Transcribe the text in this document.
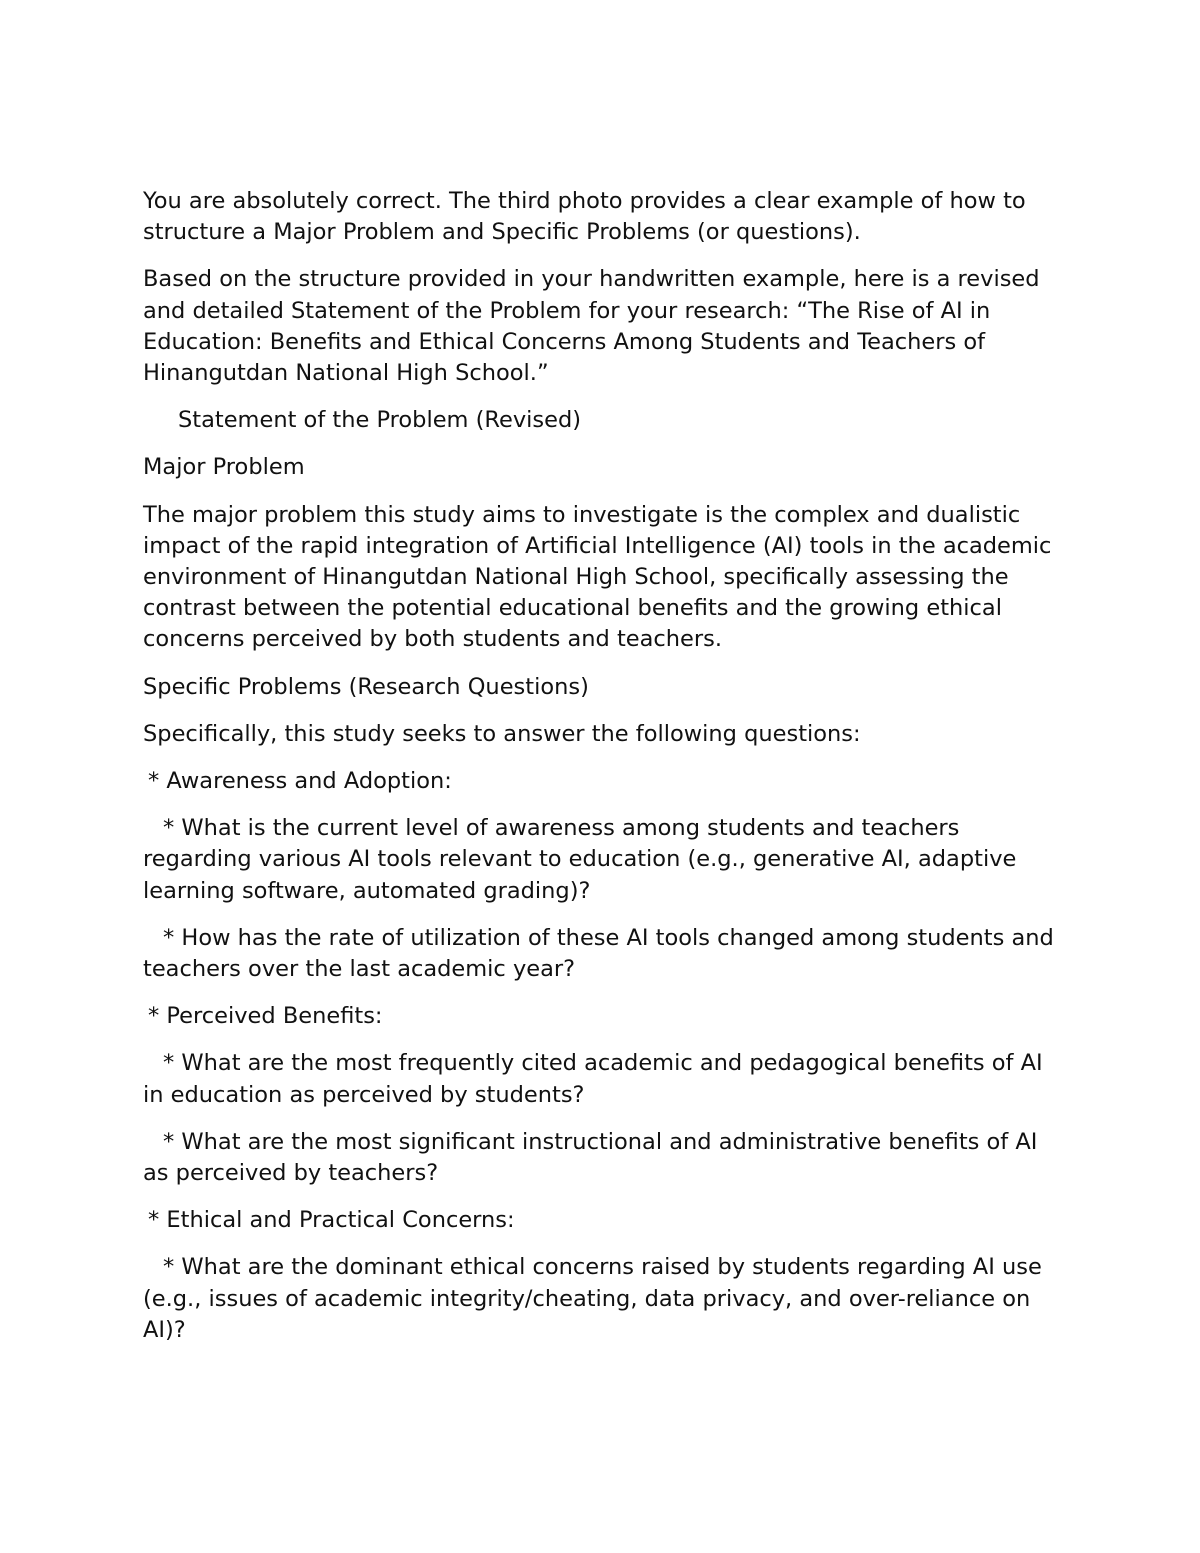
You are absolutely correct. The third photo provides a clear example of how to structure a Major Problem and Specific Problems (or questions).

Based on the structure provided in your handwritten example, here is a revised and detailed Statement of the Problem for your research: “The Rise of AI in Education: Benefits and Ethical Concerns Among Students and Teachers of Hinangutdan National High School.”

Statement of the Problem (Revised)

Major Problem

The major problem this study aims to investigate is the complex and dualistic impact of the rapid integration of Artificial Intelligence (AI) tools in the academic environment of Hinangutdan National High School, specifically assessing the contrast between the potential educational benefits and the growing ethical concerns perceived by both students and teachers.

Specific Problems (Research Questions)

Specifically, this study seeks to answer the following questions:

* Awareness and Adoption:

* What is the current level of awareness among students and teachers regarding various AI tools relevant to education (e.g., generative AI, adaptive learning software, automated grading)?

* How has the rate of utilization of these AI tools changed among students and teachers over the last academic year?

* Perceived Benefits:

* What are the most frequently cited academic and pedagogical benefits of AI in education as perceived by students?

* What are the most significant instructional and administrative benefits of AI as perceived by teachers?

* Ethical and Practical Concerns:

* What are the dominant ethical concerns raised by students regarding AI use (e.g., issues of academic integrity/cheating, data privacy, and over-reliance on AI)?
